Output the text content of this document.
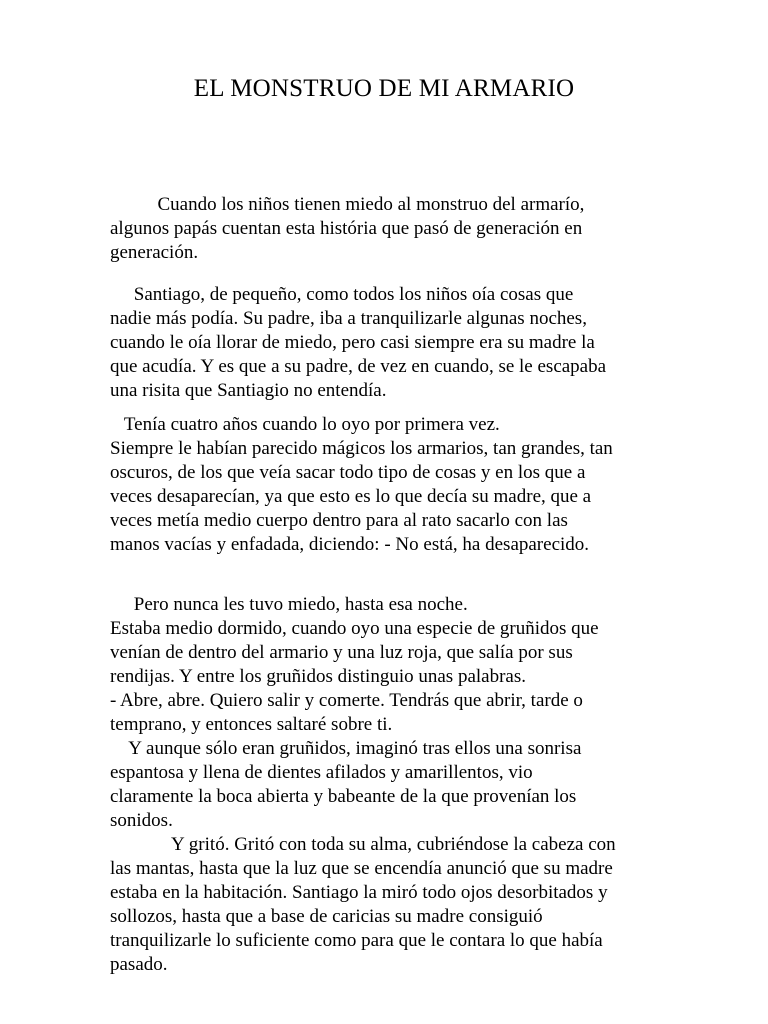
EL MONSTRUO DE MI ARMARIO
Cuando los niños tienen miedo al monstruo del armarío,
algunos papás cuentan esta história que pasó de generación en
generación.
Santiago, de pequeño, como todos los niños oía cosas que
nadie más podía. Su padre, iba a tranquilizarle algunas noches,
cuando le oía llorar de miedo, pero casi siempre era su madre la
que acudía. Y es que a su padre, de vez en cuando, se le escapaba
una risita que Santiagio no entendía.
Tenía cuatro años cuando lo oyo por primera vez.
Siempre le habían parecido mágicos los armarios, tan grandes, tan
oscuros, de los que veía sacar todo tipo de cosas y en los que a
veces desaparecían, ya que esto es lo que decía su madre, que a
veces metía medio cuerpo dentro para al rato sacarlo con las
manos vacías y enfadada, diciendo: - No está, ha desaparecido.
Pero nunca les tuvo miedo, hasta esa noche.
Estaba medio dormido, cuando oyo una especie de gruñidos que
venían de dentro del armario y una luz roja, que salía por sus
rendijas. Y entre los gruñidos distinguio unas palabras.
- Abre, abre. Quiero salir y comerte. Tendrás que abrir, tarde o
temprano, y entonces saltaré sobre ti.
Y aunque sólo eran gruñidos, imaginó tras ellos una sonrisa
espantosa y llena de dientes afilados y amarillentos, vio
claramente la boca abierta y babeante de la que provenían los
sonidos.
Y gritó. Gritó con toda su alma, cubriéndose la cabeza con
las mantas, hasta que la luz que se encendía anunció que su madre
estaba en la habitación. Santiago la miró todo ojos desorbitados y
sollozos, hasta que a base de caricias su madre consiguió
tranquilizarle lo suficiente como para que le contara lo que había
pasado.
